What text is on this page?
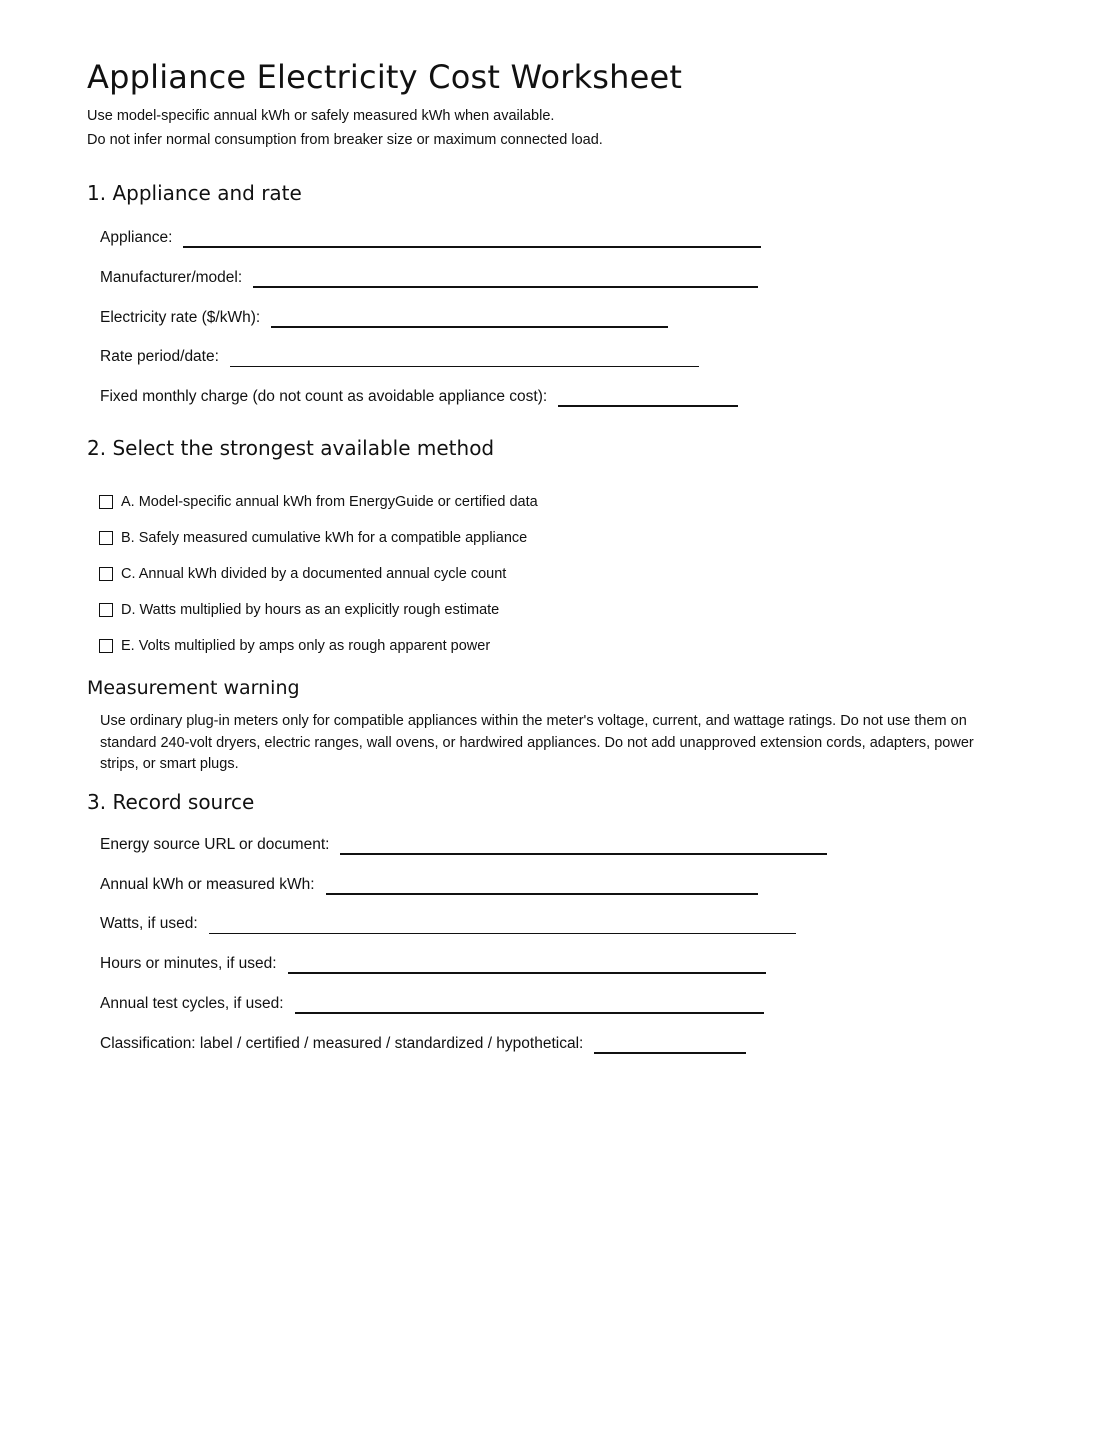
Appliance Electricity Cost Worksheet
Use model-specific annual kWh or safely measured kWh when available.
Do not infer normal consumption from breaker size or maximum connected load.
1. Appliance and rate
Appliance:
Manufacturer/model:
Electricity rate ($/kWh):
Rate period/date:
Fixed monthly charge (do not count as avoidable appliance cost):
2. Select the strongest available method
A. Model-specific annual kWh from EnergyGuide or certified data
B. Safely measured cumulative kWh for a compatible appliance
C. Annual kWh divided by a documented annual cycle count
D. Watts multiplied by hours as an explicitly rough estimate
E. Volts multiplied by amps only as rough apparent power
Measurement warning
Use ordinary plug-in meters only for compatible appliances within the meter's voltage, current, and wattage ratings. Do not use them on standard 240-volt dryers, electric ranges, wall ovens, or hardwired appliances. Do not add unapproved extension cords, adapters, power strips, or smart plugs.
3. Record source
Energy source URL or document:
Annual kWh or measured kWh:
Watts, if used:
Hours or minutes, if used:
Annual test cycles, if used:
Classification: label / certified / measured / standardized / hypothetical:
